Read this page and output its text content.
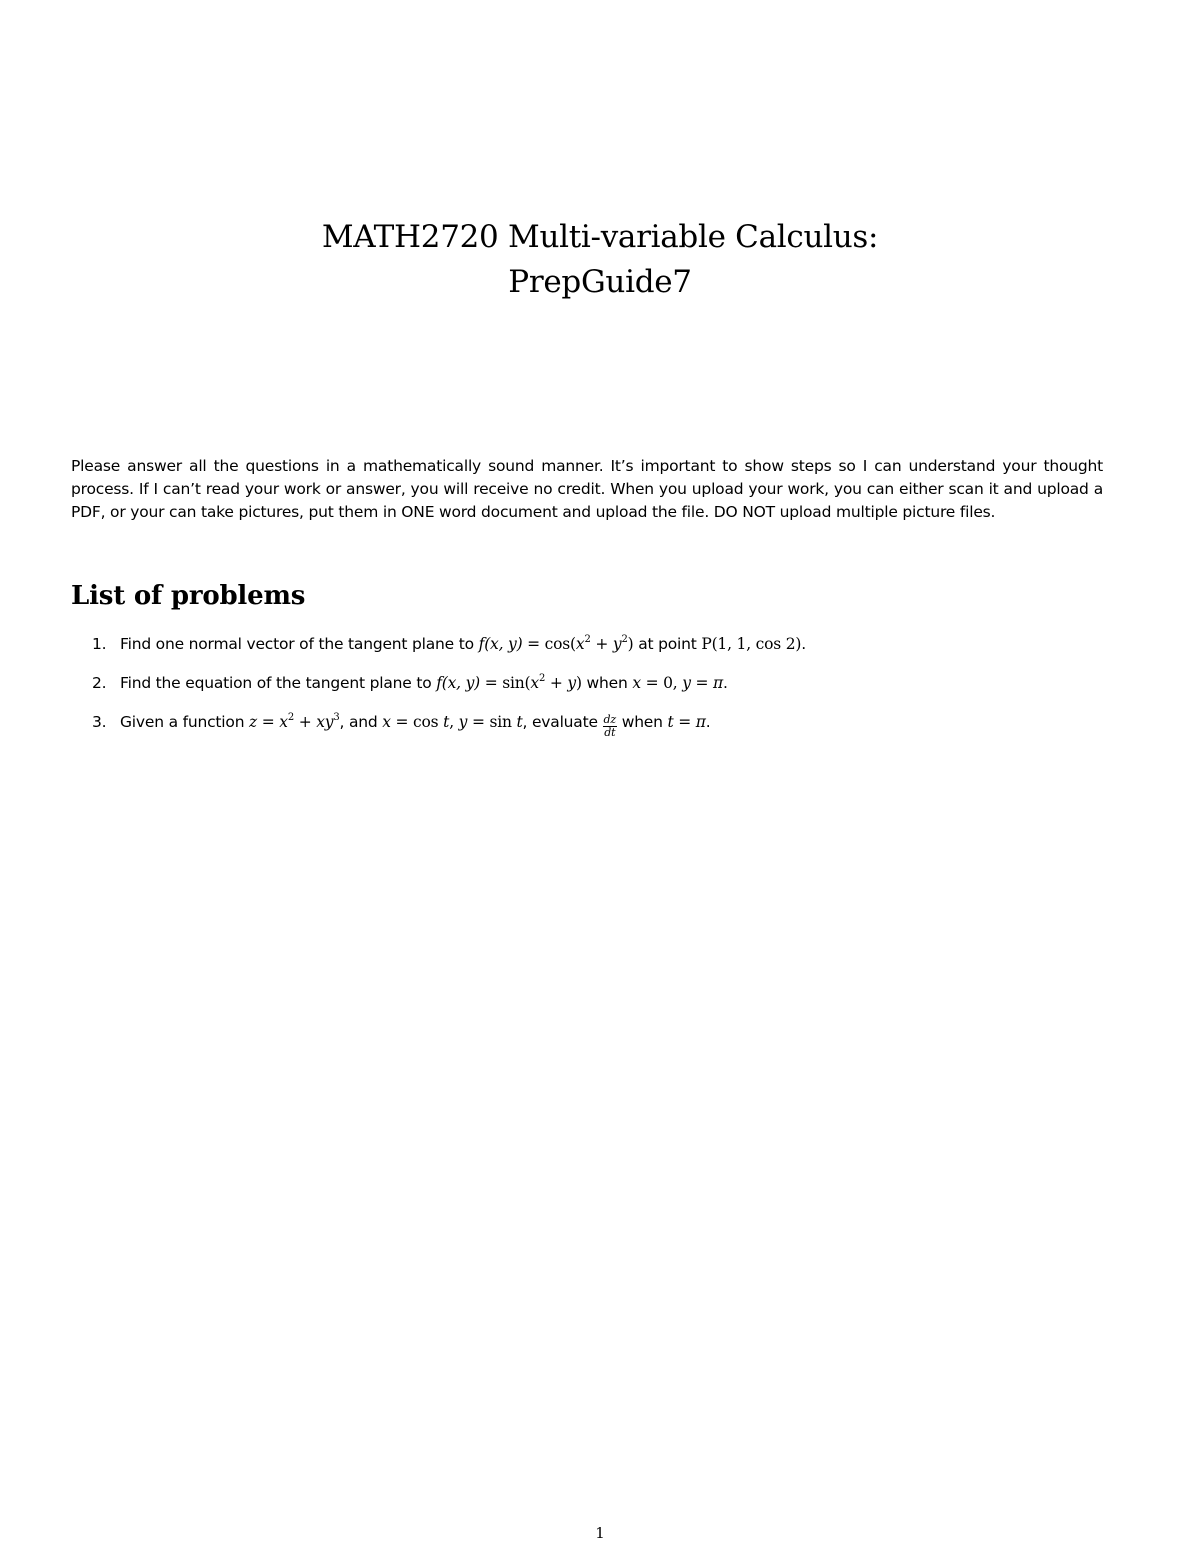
MATH2720 Multi-variable Calculus:
PrepGuide7

Please answer all the questions in a mathematically sound manner. It’s important to show steps so I can understand your thought process. If I can’t read your work or answer, you will receive no credit. When you upload your work, you can either scan it and upload a PDF, or your can take pictures, put them in ONE word document and upload the file. DO NOT upload multiple picture files.

List of problems
1. Find one normal vector of the tangent plane to f(x, $y) = \cos(x^2 + y^2)$ at point P(1, 1, cos 2).
2. Find the equation of the tangent plane to f(x, $y) = \sin(x^2 + y)$ when x = 0, y = π.
3. Given a function $z = x^2 + xy^3$, and x = cos t, y = sin t, evaluate $\frac{dz}{dt}$ when t = π.
1
